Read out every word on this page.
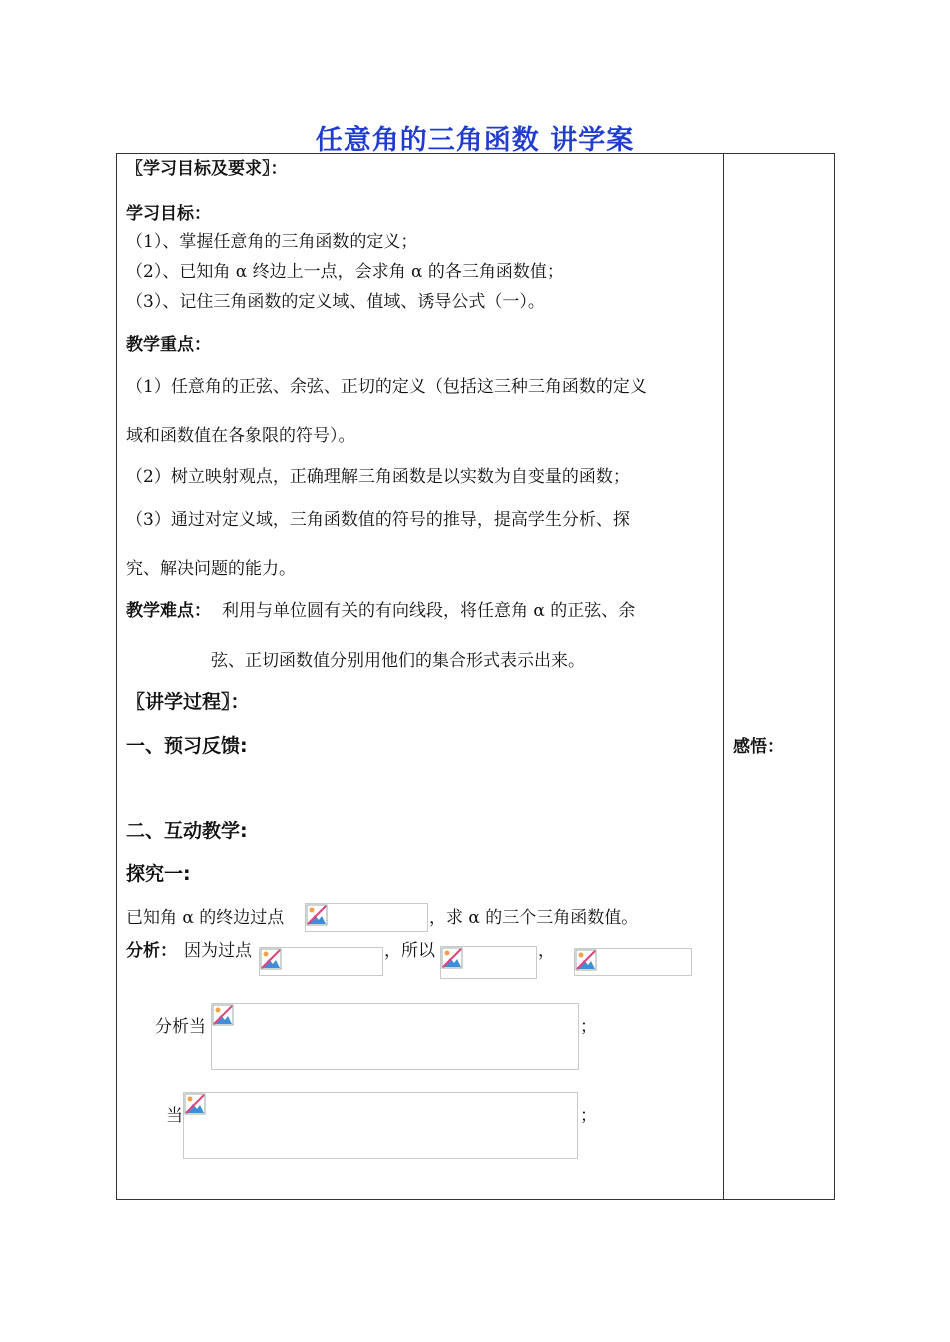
任意角的三角函数 讲学案
〖学习目标及要求〗：
学习目标：
（1）、掌握任意角的三角函数的定义；
（2）、已知角 α 终边上一点，会求角 α 的各三角函数值；
（3）、记住三角函数的定义域、值域、诱导公式（一）。
教学重点：
（1）任意角的正弦、余弦、正切的定义（包括这三种三角函数的定义
域和函数值在各象限的符号）。
（2）树立映射观点，正确理解三角函数是以实数为自变量的函数；
（3）通过对定义域，三角函数值的符号的推导，提高学生分析、探
究、解决问题的能力。
教学难点： 利用与单位圆有关的有向线段，将任意角 α 的正弦、余
弦、正切函数值分别用他们的集合形式表示出来。
〖讲学过程〗：
一、预习反馈:	感悟：
二、互动教学:
探究一:
已知角 α 的终边过点	，求 α 的三个三角函数值。
分析： 因为过点	，所以	，
分析当	；
当	；
